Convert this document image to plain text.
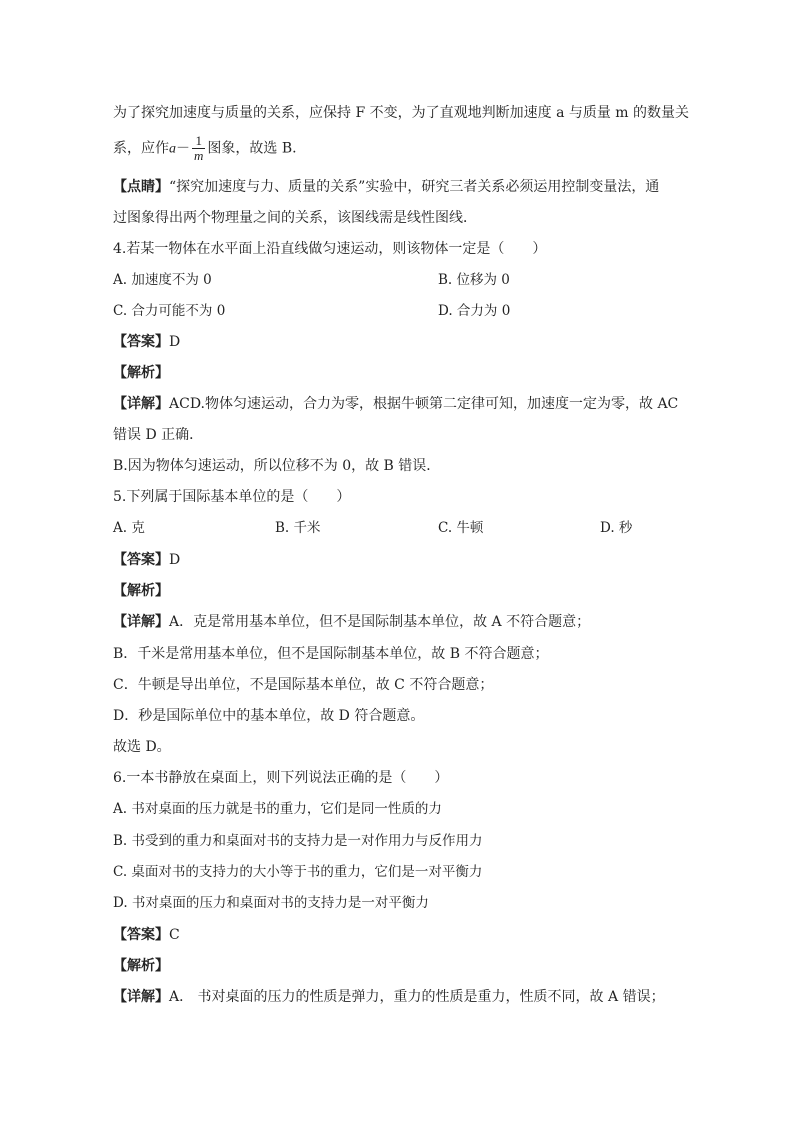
为了探究加速度与质量的关系，应保持 F 不变，为了直观地判断加速度 a 与质量 m 的数量关
系，应作$a- \frac{1}{m}$ 图象，故选 B.
【点睛】“探究加速度与力、质量的关系”实验中，研究三者关系必须运用控制变量法，通
过图象得出两个物理量之间的关系，该图线需是线性图线．
4.若某一物体在水平面上沿直线做匀速运动，则该物体一定是（　　）
A. 加速度不为 0	B. 位移为 0
C. 合力可能不为 0	D. 合力为 0
【答案】D
【解析】
【详解】ACD.物体匀速运动，合力为零，根据牛顿第二定律可知，加速度一定为零，故 AC
错误 D 正确．
B.因为物体匀速运动，所以位移不为 0，故 B 错误．
5.下列属于国际基本单位的是（　　）
A. 克	B. 千米	C. 牛顿	D. 秒
【答案】D
【解析】
【详解】A．克是常用基本单位，但不是国际制基本单位，故 A 不符合题意；
B．千米是常用基本单位，但不是国际制基本单位，故 B 不符合题意；
C．牛顿是导出单位，不是国际基本单位，故 C 不符合题意；
D．秒是国际单位中的基本单位，故 D 符合题意。
故选 D。
6.一本书静放在桌面上，则下列说法正确的是（　　）
A. 书对桌面的压力就是书的重力，它们是同一性质的力
B. 书受到的重力和桌面对书的支持力是一对作用力与反作用力
C. 桌面对书的支持力的大小等于书的重力，它们是一对平衡力
D. 书对桌面的压力和桌面对书的支持力是一对平衡力
【答案】C
【解析】
【详解】A． 书对桌面的压力的性质是弹力，重力的性质是重力，性质不同，故 A 错误；
